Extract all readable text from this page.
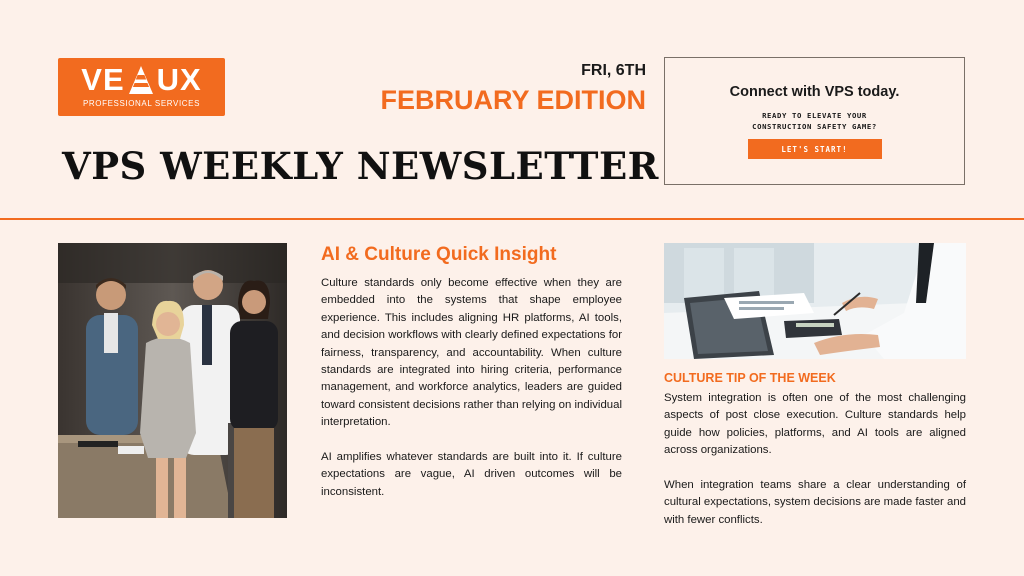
VE UX
PROFESSIONAL SERVICES
FRI, 6TH
FEBRUARY EDITION
VPS WEEKLY NEWSLETTER
Connect with VPS today.
READY TO ELEVATE YOUR
CONSTRUCTION SAFETY GAME?
LET'S START!
AI & Culture Quick Insight

Culture standards only become effective when they are embedded into the systems that shape employee experience. This includes aligning HR platforms, AI tools, and decision workflows with clearly defined expectations for fairness, transparency, and accountability. When culture standards are integrated into hiring criteria, performance management, and workforce analytics, leaders are guided toward consistent decisions rather than relying on individual interpretation.

AI amplifies whatever standards are built into it. If culture expectations are vague, AI driven outcomes will be inconsistent.

CULTURE TIP OF THE WEEK

System integration is often one of the most challenging aspects of post close execution. Culture standards help guide how policies, platforms, and AI tools are aligned across organizations.

When integration teams share a clear understanding of cultural expectations, system decisions are made faster and with fewer conflicts.
